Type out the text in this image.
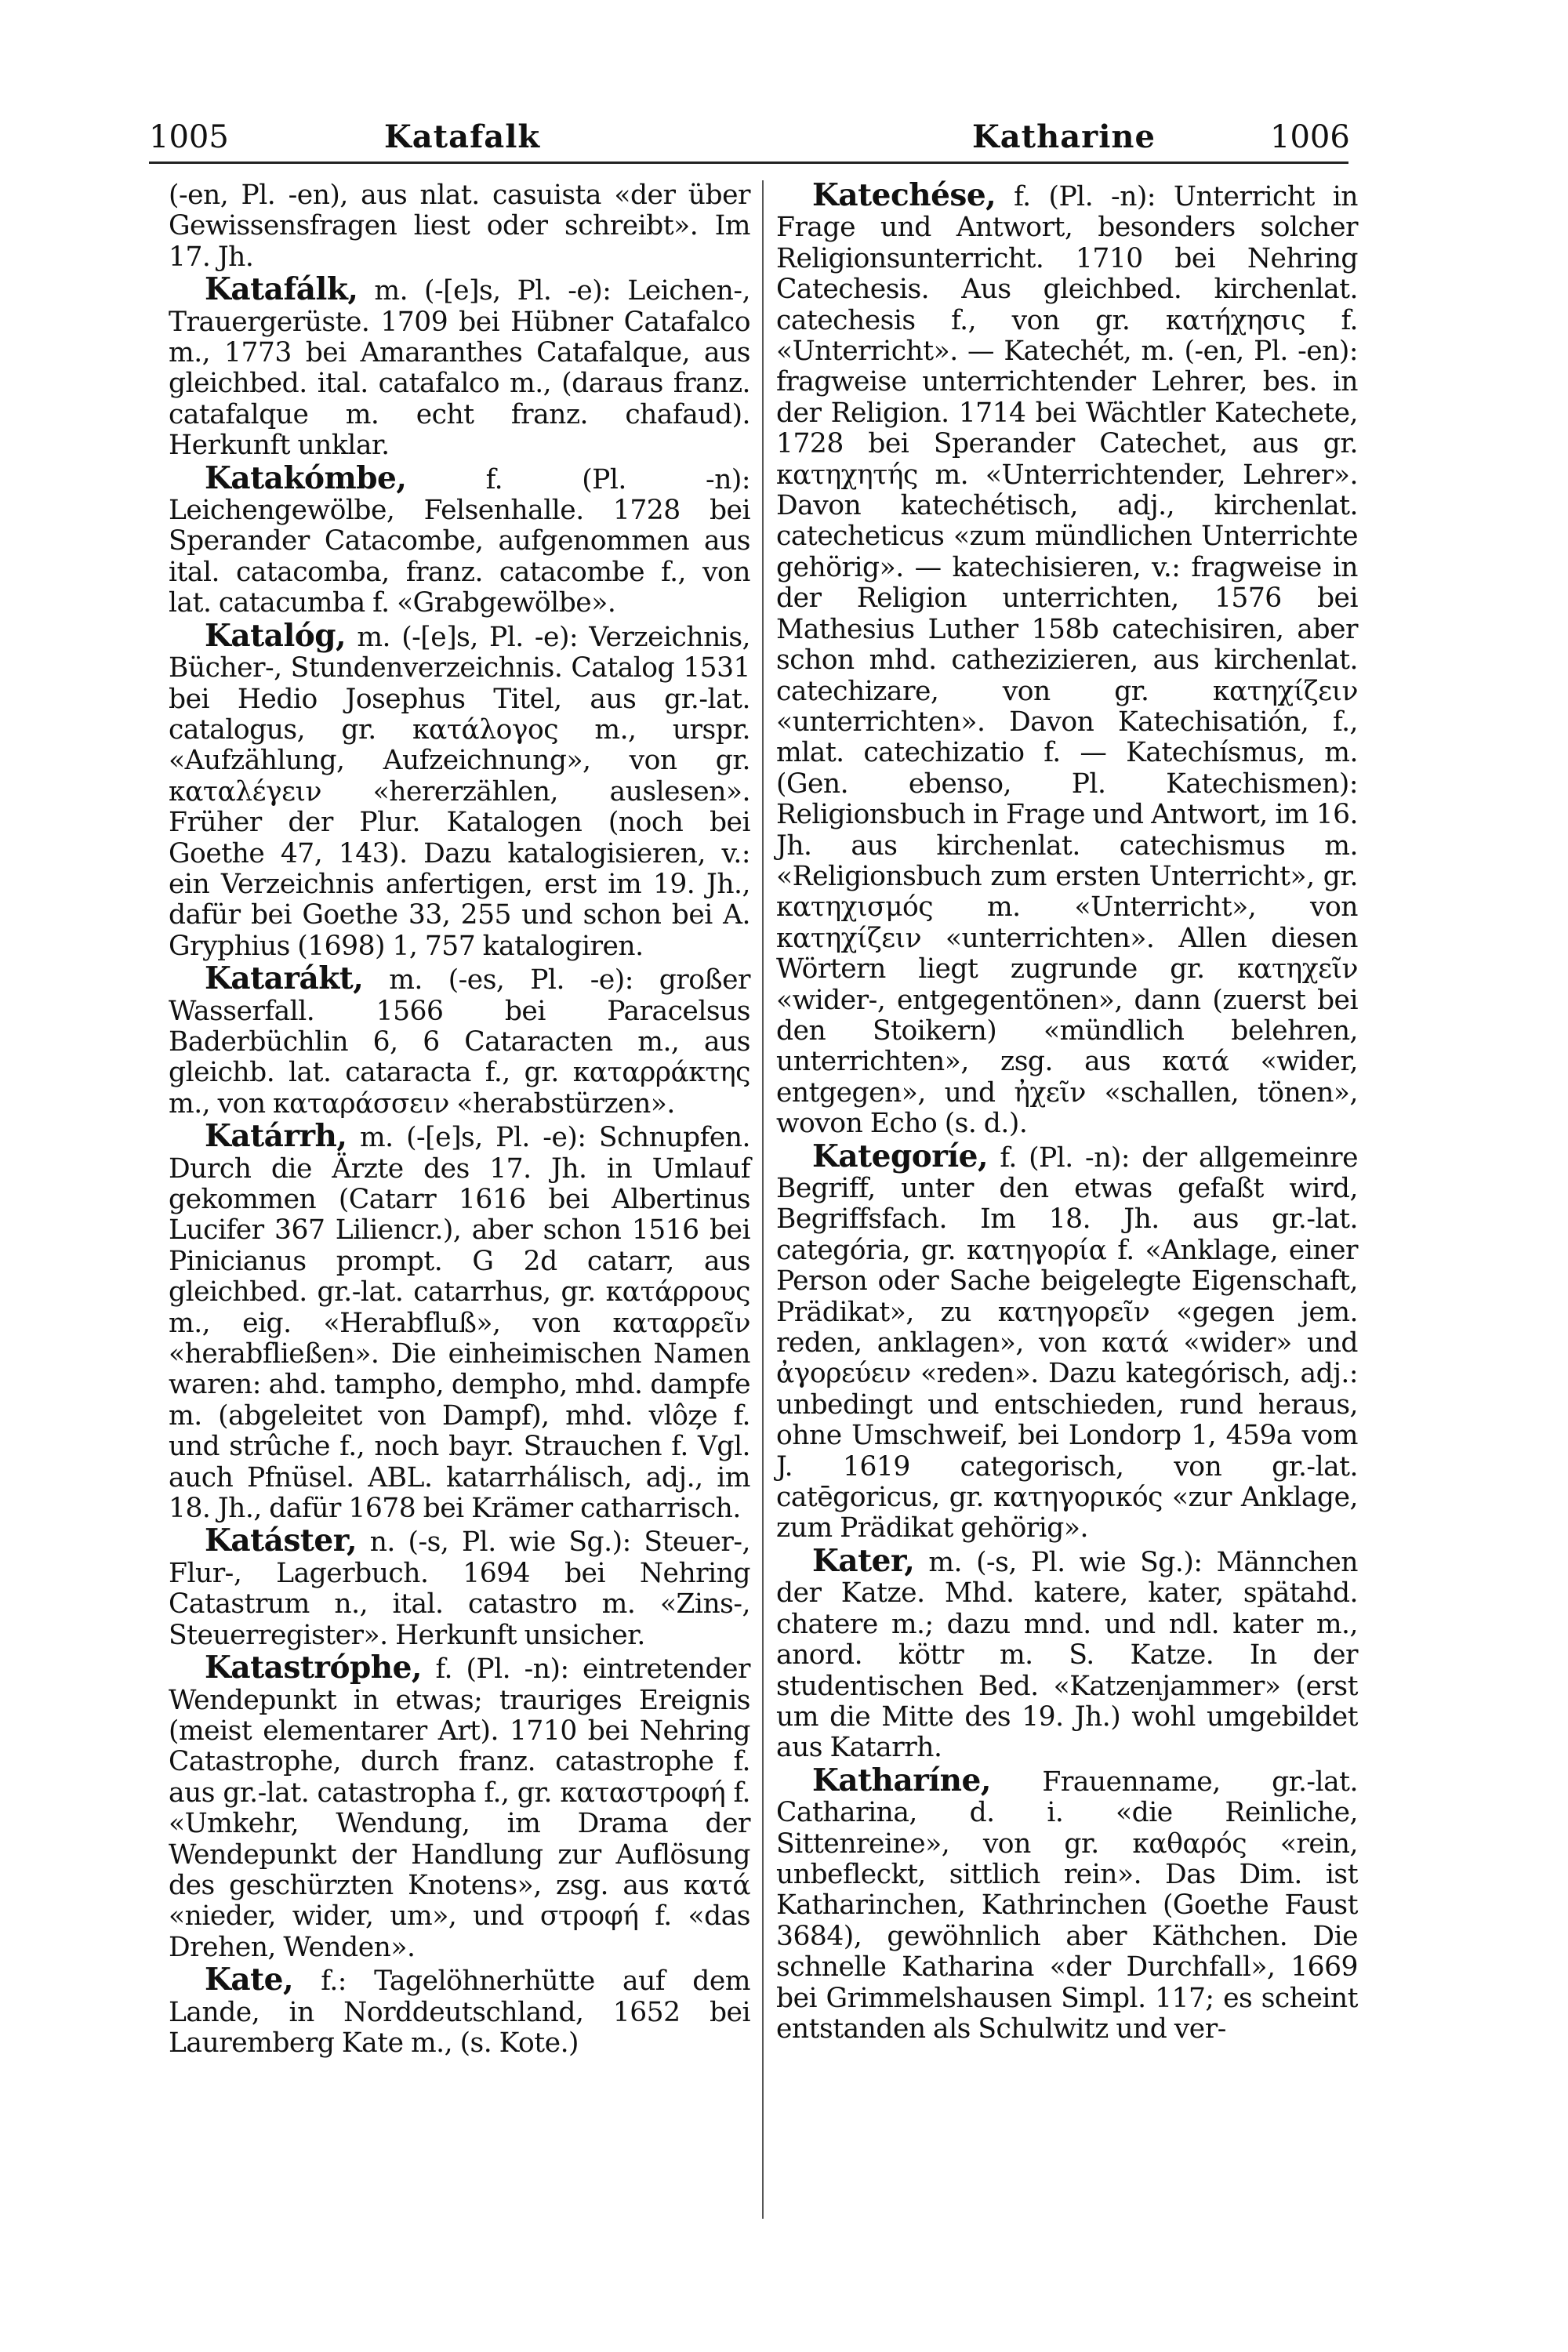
1005	Katafalk	Katharine	1006

(-en, Pl. -en), aus nlat. casuista «der über Gewissensfragen liest oder schreibt». Im 17. Jh.

Katafálk, m. (-[e]s, Pl. -e): Leichen-, Trauergerüste. 1709 bei Hübner Catafalco m., 1773 bei Amaranthes Catafalque, aus gleichbed. ital. catafalco m., (daraus franz. catafalque m. echt franz. chafaud). Herkunft unklar.

Katakómbe,	f. (Pl. -n): Leichengewölbe, Felsenhalle. 1728 bei Sperander Catacombe, aufgenommen aus ital. catacomba, franz. catacombe f., von lat. catacumba f. «Grabgewölbe».

Katalóg, m. (-[e]s, Pl. -e): Verzeichnis, Bücher-, Stundenverzeichnis. Catalog 1531 bei Hedio Josephus Titel, aus gr.-lat. catalogus, gr. κατάλογος m., urspr. «Aufzählung, Aufzeichnung», von gr. καταλέγειν «hererzählen, auslesen». Früher der Plur. Katalogen (noch bei Goethe 47, 143). Dazu katalogisieren, v.: ein Verzeichnis anfertigen, erst im 19. Jh., dafür bei Goethe 33, 255 und schon bei A. Gryphius (1698) 1, 757 katalogiren.

Katarákt, m. (-es, Pl. -e): großer Wasserfall. 1566 bei Paracelsus Baderbüchlin 6, 6 Cataracten m., aus gleichb. lat. cataracta f., gr. καταρράκτης m., von καταράσσειν «herabstürzen».

Katárrh, m. (-[e]s, Pl. -e): Schnupfen. Durch die Ärzte des 17. Jh. in Umlauf gekommen (Catarr 1616 bei Albertinus Lucifer 367 Liliencr.), aber schon 1516 bei Pinicianus prompt. G 2d catarr, aus gleichbed. gr.-lat. catarrhus, gr. κατάρρους m., eig. «Herabfluß», von καταρρεῖν «herabfließen». Die einheimischen Namen waren: ahd. tampho, dempho, mhd. dampfe m. (abgeleitet von Dampf), mhd. vlôȥe f. und strûche f., noch bayr. Strauchen f. Vgl. auch Pfnüsel. ABL. katarrhálisch, adj., im 18. Jh., dafür 1678 bei Krämer catharrisch.

Katáster, n. (-s, Pl. wie Sg.): Steuer-, Flur-, Lagerbuch. 1694 bei Nehring Catastrum n., ital. catastro m. «Zins-, Steuerregister». Herkunft unsicher.

Katastróphe, f. (Pl. -n): eintretender Wendepunkt in etwas; trauriges Ereignis (meist elementarer Art). 1710 bei Nehring Catastrophe, durch franz. catastrophe f. aus gr.-lat. catastropha f., gr. καταστροφή f. «Umkehr, Wendung, im Drama der Wendepunkt der Handlung zur Auflösung des geschürzten Knotens», zsg. aus κατά «nieder, wider, um», und στροφή f. «das Drehen, Wenden».

Kate, f.: Tagelöhnerhütte auf dem Lande, in Norddeutschland, 1652 bei Lauremberg Kate m., (s. Kote.)

Katechése, f. (Pl. -n): Unterricht in Frage und Antwort, besonders solcher Religionsunterricht. 1710 bei Nehring Catechesis. Aus gleichbed. kirchenlat. catechesis f., von gr. κατήχησις f. «Unterricht». — Katechét, m. (-en, Pl. -en): fragweise unterrichtender Lehrer, bes. in der Religion. 1714 bei Wächtler Katechete, 1728 bei Sperander Catechet, aus gr. κατηχητής m. «Unterrichtender, Lehrer». Davon katechétisch, adj., kirchenlat. catecheticus «zum mündlichen Unterrichte gehörig». — katechisieren, v.: fragweise in der Religion unterrichten, 1576 bei Mathesius Luther 158b catechisiren, aber schon mhd. cathezizieren, aus kirchenlat. catechizare, von gr. κατηχίζειν «unterrichten». Davon Katechisatión, f., mlat. catechizatio f. — Katechísmus, m. (Gen. ebenso, Pl. Katechismen): Religionsbuch in Frage und Antwort, im 16. Jh. aus kirchenlat. catechismus m. «Religionsbuch zum ersten Unterricht», gr. κατηχισμός m. «Unterricht», von κατηχίζειν «unterrichten». Allen diesen Wörtern liegt zugrunde gr. κατηχεῖν «wider-, entgegentönen», dann (zuerst bei den Stoikern) «mündlich belehren, unterrichten», zsg. aus κατά «wider, entgegen», und ἠχεῖν «schallen, tönen», wovon Echo (s. d.).

Kategoríe, f. (Pl. -n): der allgemeinre Begriff, unter den etwas gefaßt wird, Begriffsfach. Im 18. Jh. aus gr.-lat. categória, gr. κατηγορία f. «Anklage, einer Person oder Sache beigelegte Eigenschaft, Prädikat», zu κατηγορεῖν «gegen jem. reden, anklagen», von κατά «wider» und ἀγορεύειν «reden». Dazu kategórisch, adj.: unbedingt und entschieden, rund heraus, ohne Umschweif, bei Londorp 1, 459a vom J. 1619 categorisch, von gr.-lat. catēgoricus, gr. κατηγορικός «zur Anklage, zum Prädikat gehörig».

Kater, m. (-s, Pl. wie Sg.): Männchen der Katze. Mhd. katere, kater, spätahd. chatere m.; dazu mnd. und ndl. kater m., anord. köttr m. S. Katze. In der studentischen Bed. «Katzenjammer» (erst um die Mitte des 19. Jh.) wohl umgebildet aus Katarrh.

Katharíne, Frauenname, gr.-lat. Catharina, d. i. «die Reinliche, Sittenreine», von gr. καθαρός «rein, unbefleckt, sittlich rein». Das Dim. ist Katharinchen, Kathrinchen (Goethe Faust 3684), gewöhnlich aber Käthchen. Die schnelle Katharina «der Durchfall», 1669 bei Grimmelshausen Simpl. 117; es scheint entstanden als Schulwitz und ver-
